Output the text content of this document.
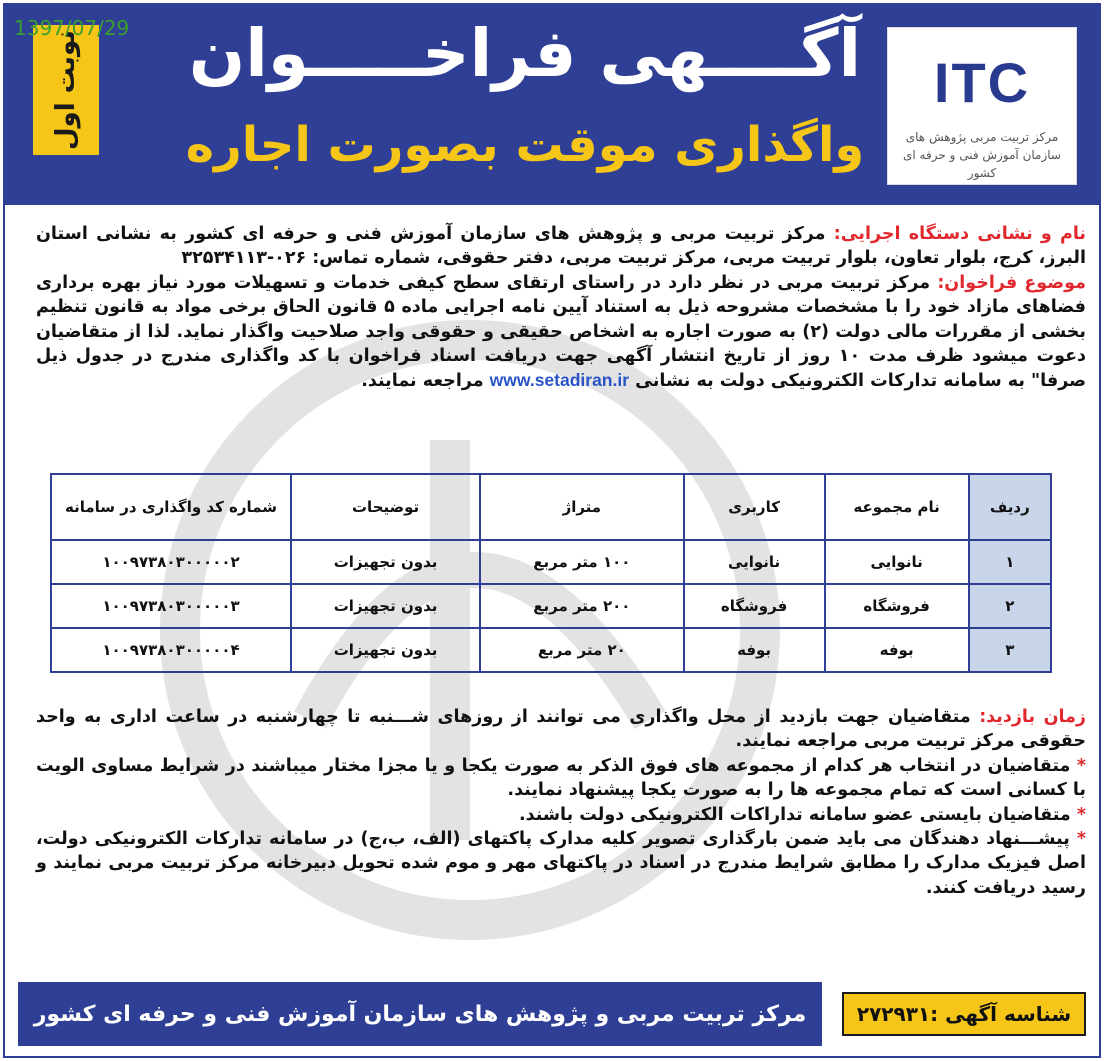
نوبت اول آگــــهی فراخـــــوان
واگذاری موقت بصورت اجاره
ITC
مرکز تربیت مربی پژوهش های سازمان آموزش فنی و حرفه ای کشور
1397/07/29
نام و نشانی دستگاه اجرایی: مرکز تربیت مربی و پژوهش های سازمان آموزش فنی و حرفه ای کشور به نشانی استان البرز، کرج، بلوار تعاون، بلوار تربیت مربی، مرکز تربیت مربی، دفتر حقوقی، شماره تماس: ۳۲۵۳۴۱۱۳-۰۲۶
موضوع فراخوان: مرکز تربیت مربی در نظر دارد در راستای ارتقای سطح کیفی خدمات و تسهیلات مورد نیاز بهره برداری فضاهای مازاد خود را با مشخصات مشروحه ذیل به استناد آیین نامه اجرایی ماده ۵ قانون الحاق برخی مواد به قانون تنظیم بخشی از مقررات مالی دولت (۲) به صورت اجاره به اشخاص حقیقی و حقوقی واجد صلاحیت واگذار نماید. لذا از متقاضیان دعوت میشود ظرف مدت ۱۰ روز از تاریخ انتشار آگهی جهت دریافت اسناد فراخوان با کد واگذاری مندرج در جدول ذیل صرفا" به سامانه تدارکات الکترونیکی دولت به نشانی www.setadiran.ir مراجعه نمایند.
ردیف	نام مجموعه	کاربری	متراژ	توضیحات	شماره کد واگذاری در سامانه
۱	نانوایی	نانوایی	۱۰۰ متر مربع	بدون تجهیزات	۱۰۰۹۷۳۸۰۳۰۰۰۰۰۲
۲	فروشگاه	فروشگاه	۲۰۰ متر مربع	بدون تجهیزات	۱۰۰۹۷۳۸۰۳۰۰۰۰۰۳
۳	بوفه	بوفه	۲۰ متر مربع	بدون تجهیزات	۱۰۰۹۷۳۸۰۳۰۰۰۰۰۴
زمان بازدید: متقاضیان جهت بازدید از محل واگذاری می توانند از روزهای شـــنبه تا چهارشنبه در ساعت اداری به واحد حقوقی مرکز تربیت مربی مراجعه نمایند.
* متقاضیان در انتخاب هر کدام از مجموعه های فوق الذکر به صورت یکجا و یا مجزا مختار میباشند در شرایط مساوی الویت با کسانی است که تمام مجموعه ها را به صورت یکجا پیشنهاد نمایند.
* متقاضیان بایستی عضو سامانه تداراکات الکترونیکی دولت باشند.
* پیشـــنهاد دهندگان می باید ضمن بارگذاری تصویر کلیه مدارک پاکتهای (الف، ب،ج) در سامانه تدارکات الکترونیکی دولت، اصل فیزیک مدارک را مطابق شرایط مندرج در اسناد در پاکتهای مهر و موم شده تحویل دبیرخانه مرکز تربیت مربی نمایند و رسید دریافت کنند.
مرکز تربیت مربی و پژوهش های سازمان آموزش فنی و حرفه ای کشور	شناسه آگهی :۲۷۲۹۳۱
